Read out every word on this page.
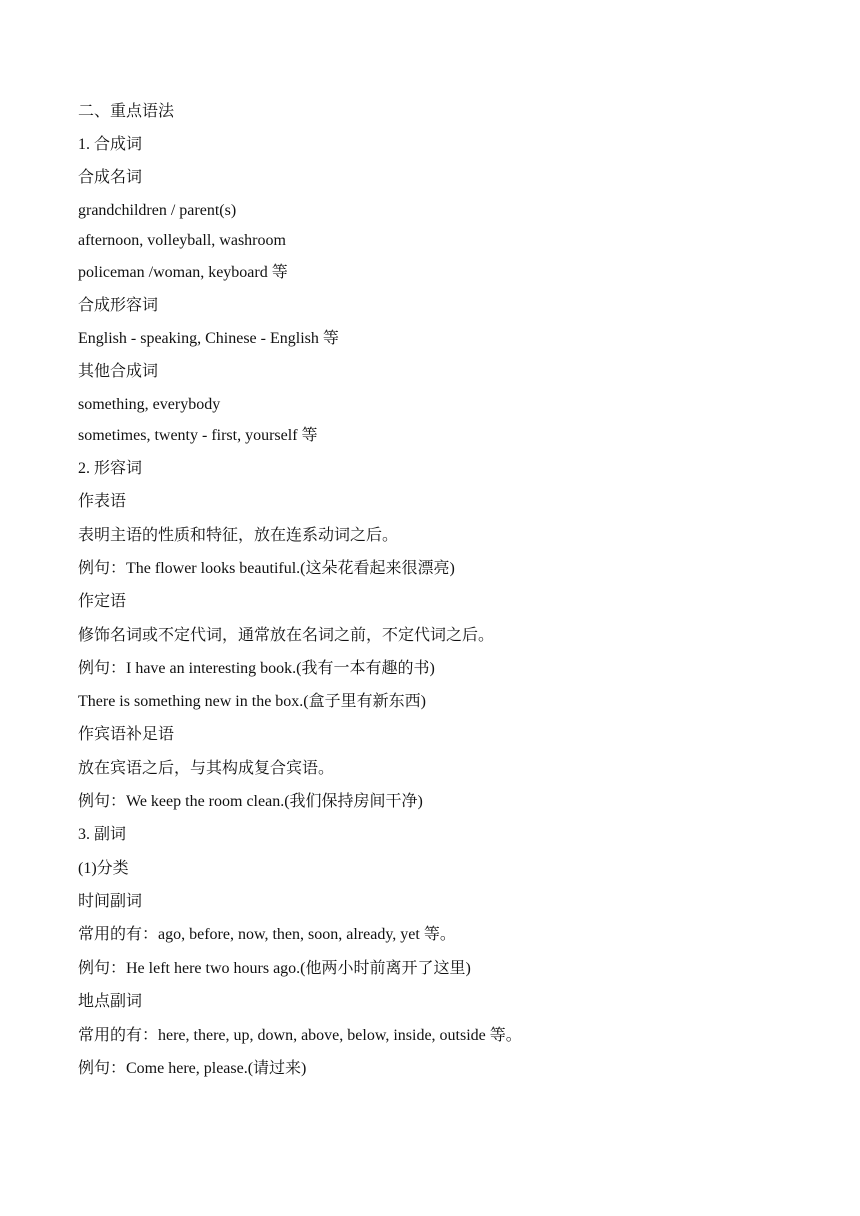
二、重点语法

1. 合成词

合成名词

grandchildren / parent(s)

afternoon, volleyball, washroom

policeman /woman, keyboard 等

合成形容词

English - speaking, Chinese - English 等

其他合成词

something, everybody

sometimes, twenty - first, yourself 等

2. 形容词

作表语

表明主语的性质和特征，放在连系动词之后。

例句：The flower looks beautiful.(这朵花看起来很漂亮)

作定语

修饰名词或不定代词，通常放在名词之前，不定代词之后。

例句：I have an interesting book.(我有一本有趣的书)

There is something new in the box.(盒子里有新东西)

作宾语补足语

放在宾语之后，与其构成复合宾语。

例句：We keep the room clean.(我们保持房间干净)

3. 副词

(1)分类

时间副词

常用的有：ago, before, now, then, soon, already, yet 等。

例句：He left here two hours ago.(他两小时前离开了这里)

地点副词

常用的有：here, there, up, down, above, below, inside, outside 等。

例句：Come here, please.(请过来)
